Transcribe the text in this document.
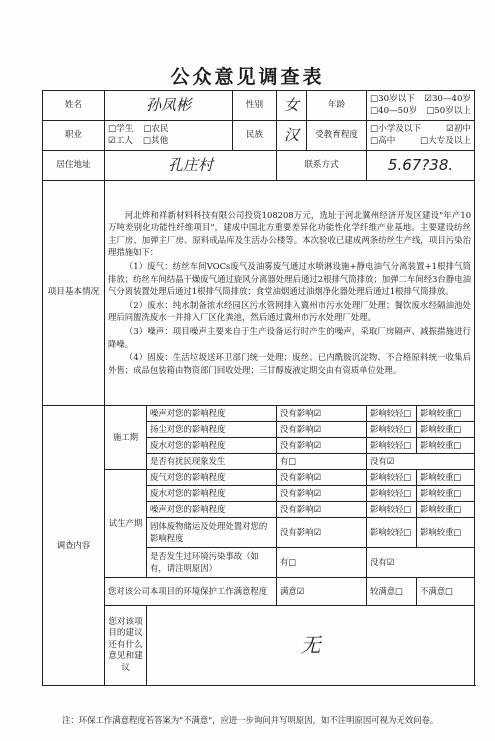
公众意见调查表
姓名	孙凤彬		性别	女	年龄	□30岁以下 ☑30—40岁
□40—50岁 □50岁以上	

职业	□学生 □农民
☑工人 □其他		民族	汉	受教育程度	□小学及以下 ☑初中
□高中 □大专及以上	

居住地址	孔庄村			联系方式		5.67?38.	
项目基本情况	河北烨和祥新材料科技有限公司投资108208万元，选址于河北冀州经济开发区建设"年产10万吨差别化功能性纤维项目"，建成中国北方重要差异化功能性化学纤维产业基地。主要建设纺丝主厂房、加弹主厂房、原料成品库及生活办公楼等。本次验收已建成两条纺丝生产线，项目污染治理措施如下：

（1）废气：纺丝车间VOCs废气及油雾废气通过水喷淋设施+静电油气分离装置+1根排气筒排放；纺丝车间结晶干燥废气通过旋风分离器处理后通过2根排气筒排放；加弹二车间经3台静电油气分离装置处理后通过1根排气筒排放；食堂油烟通过油烟净化器处理后通过1根排气筒排放。

（2）废水：纯水制备浓水经园区污水管网排入冀州市污水处理厂处理；餐饮废水经隔油池处理后同盥洗废水一并排入厂区化粪池，然后通过冀州市污水处理厂处理。

（3）噪声：项目噪声主要来自于生产设备运行时产生的噪声，采取厂房隔声、减振措施进行降噪。

（4）固废：生活垃圾送环卫部门统一处理；废丝、已内酰胺沉淀物、不合格原料统一收集后外售；成品包装箱由物资部门回收处理；三甘醇废液定期交由有资质单位处理。						

调查内容	施工期	噪声对您的影响程度		没有影响☑		影响较轻□	影响较重□
		扬尘对您的影响程度		没有影响☑		影响较轻□	影响较重□
		废水对您的影响程度		没有影响☑		影响较轻□	影响较重□
		是否有扰民现象发生		有□		没有☑	
	试生产期	废气对您的影响程度		没有影响☑		影响较轻□	影响较重□
		废水对您的影响程度		没有影响☑		影响较轻□	影响较重□
		噪声对您的影响程度		没有影响☑		影响较轻□	影响较重□
		固体废物储运及处理处置对您的影响程度		没有影响☑		影响较轻□	影响较重□
		是否发生过环境污染事故（如有，请注明原因）		有□		没有☑	
	您对该公司本项目的环境保护工作满意程度			满意☑		较满意□	不满意□
	您对该项目的建议还有什么意见和建议	无					
注：环保工作满意程度若答案为"不满意"，应进一步询问并写明原因，如不注明原因可视为无效问卷。
